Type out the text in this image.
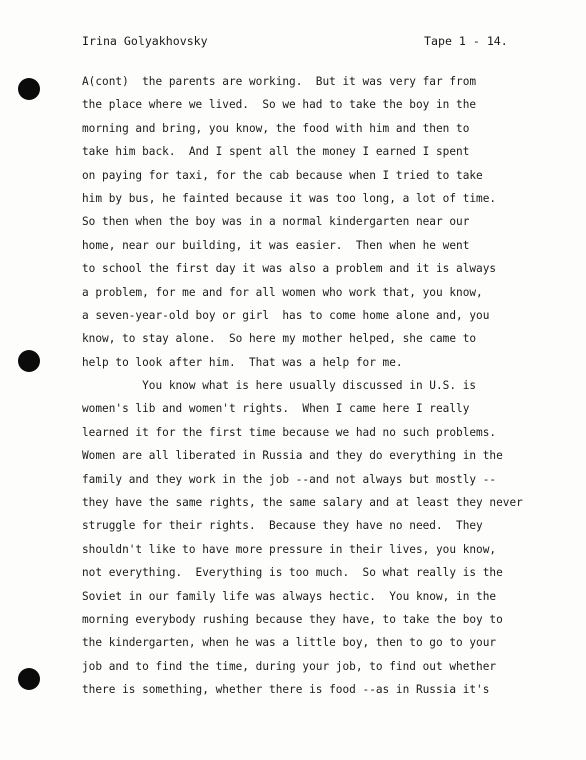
Irina Golyakhovsky	Tape 1 - 14.
A(cont)  the parents are working.  But it was very far from
the place where we lived.  So we had to take the boy in the
morning and bring, you know, the food with him and then to
take him back.  And I spent all the money I earned I spent
on paying for taxi, for the cab because when I tried to take
him by bus, he fainted because it was too long, a lot of time.
So then when the boy was in a normal kindergarten near our
home, near our building, it was easier.  Then when he went
to school the first day it was also a problem and it is always
a problem, for me and for all women who work that, you know,
a seven-year-old boy or girl  has to come home alone and, you
know, to stay alone.  So here my mother helped, she came to
help to look after him.  That was a help for me.
You know what is here usually discussed in U.S. is
women's lib and women't rights.  When I came here I really
learned it for the first time because we had no such problems.
Women are all liberated in Russia and they do everything in the
family and they work in the job --and not always but mostly --
they have the same rights, the same salary and at least they never
struggle for their rights.  Because they have no need.  They
shouldn't like to have more pressure in their lives, you know,
not everything.  Everything is too much.  So what really is the
Soviet in our family life was always hectic.  You know, in the
morning everybody rushing because they have, to take the boy to
the kindergarten, when he was a little boy, then to go to your
job and to find the time, during your job, to find out whether
there is something, whether there is food --as in Russia it's
